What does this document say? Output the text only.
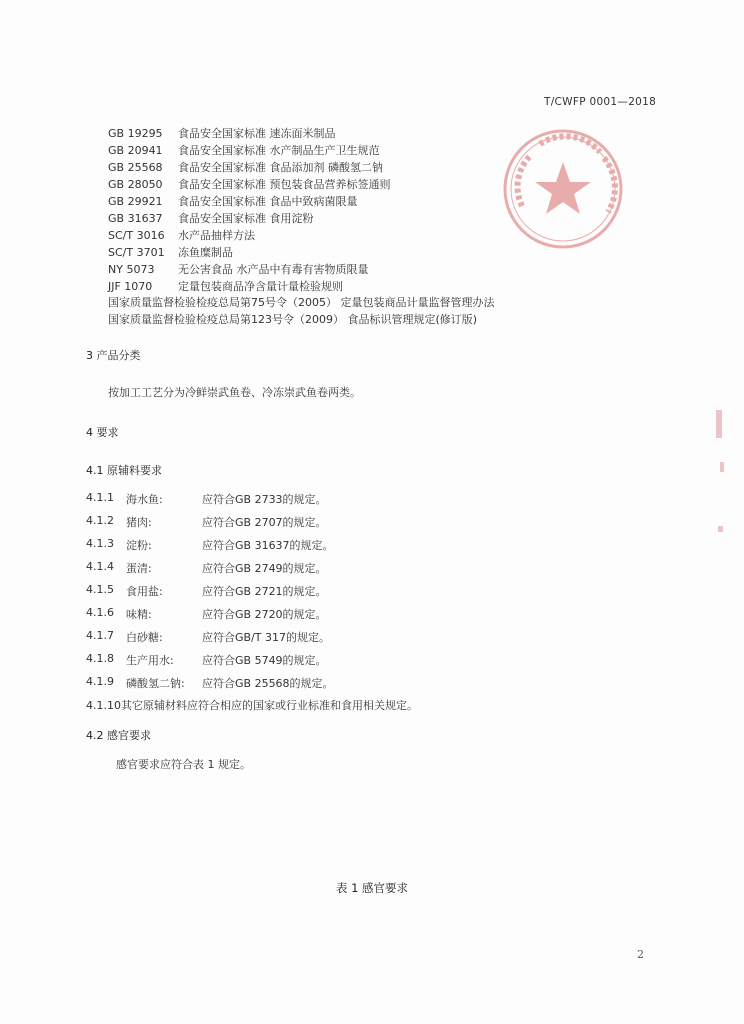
T/CWFP 0001—2018
GB 19295 食品安全国家标准 速冻面米制品
GB 20941 食品安全国家标准 水产制品生产卫生规范
GB 25568 食品安全国家标准 食品添加剂 磷酸氢二钠
GB 28050 食品安全国家标准 预包装食品营养标签通则
GB 29921 食品安全国家标准 食品中致病菌限量
GB 31637 食品安全国家标准 食用淀粉
SC/T 3016 水产品抽样方法
SC/T 3701 冻鱼糜制品
NY 5073 无公害食品 水产品中有毒有害物质限量
JJF 1070 定量包装商品净含量计量检验规则
国家质量监督检验检疫总局第75号令（2005） 定量包装商品计量监督管理办法
国家质量监督检验检疫总局第123号令（2009） 食品标识管理规定(修订版)
3 产品分类
按加工工艺分为冷鲜崇武鱼卷、冷冻崇武鱼卷两类。
4 要求
4.1 原辅料要求
4.1.1 海水鱼:	应符合GB 2733的规定。
4.1.2 猪肉:	应符合GB 2707的规定。
4.1.3 淀粉:	应符合GB 31637的规定。
4.1.4 蛋清:	应符合GB 2749的规定。
4.1.5 食用盐:	应符合GB 2721的规定。
4.1.6 味精:	应符合GB 2720的规定。
4.1.7 白砂糖:	应符合GB/T 317的规定。
4.1.8 生产用水:	应符合GB 5749的规定。
4.1.9 磷酸氢二钠: 应符合GB 25568的规定。
4.1.10其它原辅材料应符合相应的国家或行业标准和食用相关规定。
4.2 感官要求
感官要求应符合表 1 规定。
表 1 感官要求
2
